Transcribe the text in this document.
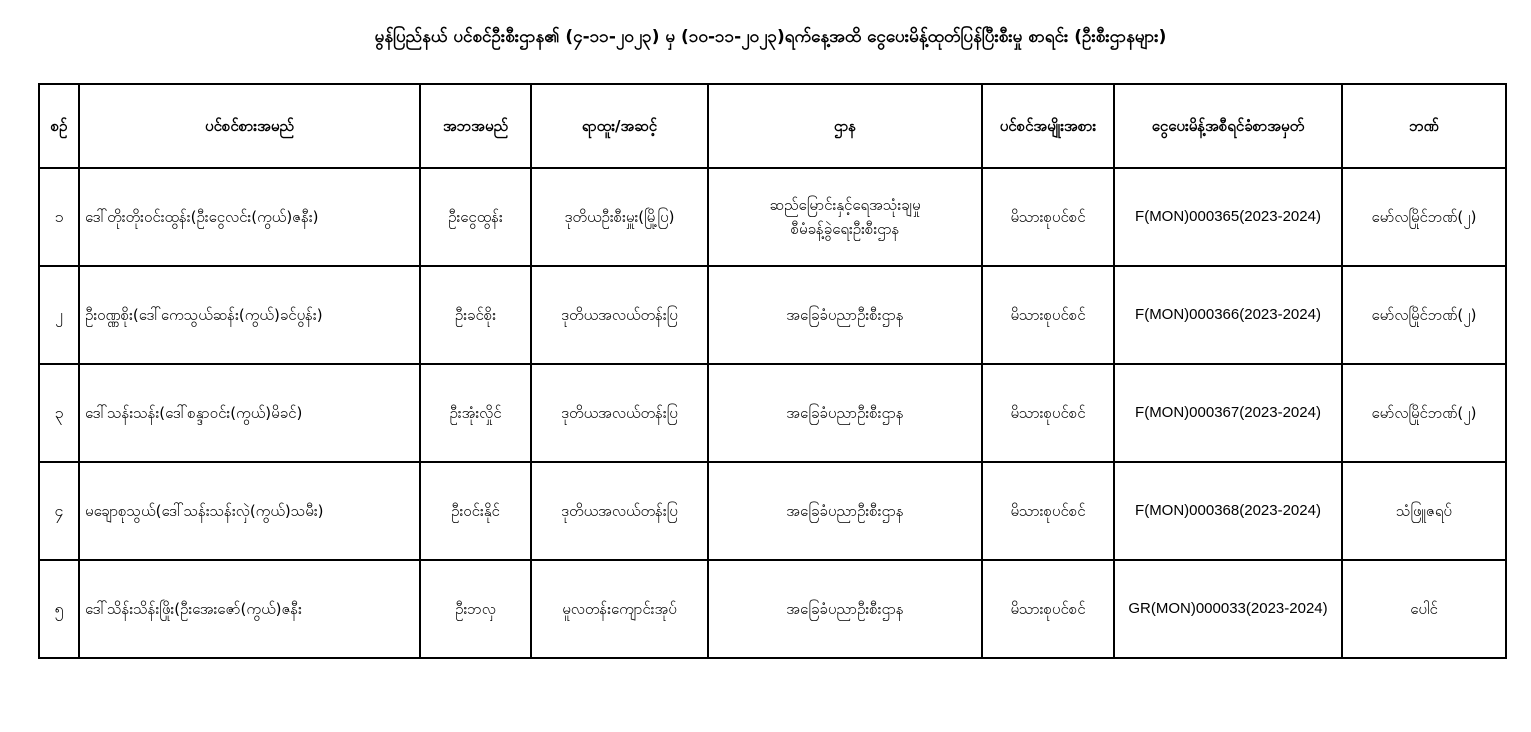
မွန်ပြည်နယ် ပင်စင်ဦးစီးဌာန၏ (၄-၁၁-၂၀၂၃) မှ (၁၀-၁၁-၂၀၂၃)ရက်နေ့အထိ ငွေပေးမိန့်ထုတ်ပြန်ပြီးစီးမှု စာရင်း (ဦးစီးဌာနများ)
စဉ်	ပင်စင်စားအမည်	အဘအမည်	ရာထူး/အဆင့်	ဌာန	ပင်စင်အမျိုးအစား	ငွေပေးမိန့်အစီရင်ခံစာအမှတ်	ဘဏ်
၁	ဒေါ်တိုးတိုးဝင်းထွန်း(ဦးငွေလင်း(ကွယ်)ဇနီး)	ဦးငွေထွန်း	ဒုတိယဦးစီးမှူး(မြို့ပြ)	ဆည်မြောင်းနှင့်ရေအသုံးချမှု
စီမံခန့်ခွဲရေးဦးစီးဌာန	မိသားစုပင်စင်	F(MON)000365(2023-2024)	မော်လမြိုင်ဘဏ်(၂)
၂	ဦးဝဏ္ဏစိုး(ဒေါ်ကေသွယ်ဆန်း(ကွယ်)ခင်ပွန်း)	ဦးခင်စိုး	ဒုတိယအလယ်တန်းပြ	အခြေခံပညာဦးစီးဌာန	မိသားစုပင်စင်	F(MON)000366(2023-2024)	မော်လမြိုင်ဘဏ်(၂)
၃	ဒေါ်သန်းသန်း(ဒေါ်စန္ဒာဝင်း(ကွယ်)မိခင်)	ဦးအုံးလှိုင်	ဒုတိယအလယ်တန်းပြ	အခြေခံပညာဦးစီးဌာန	မိသားစုပင်စင်	F(MON)000367(2023-2024)	မော်လမြိုင်ဘဏ်(၂)
၄	မချောစုသွယ်(ဒေါ်သန်းသန်းလှဲ(ကွယ်)သမီး)	ဦးဝင်းနိုင်	ဒုတိယအလယ်တန်းပြ	အခြေခံပညာဦးစီးဌာန	မိသားစုပင်စင်	F(MON)000368(2023-2024)	သံဖြူဇရပ်
၅	ဒေါ်သိန်းသိန်းဖြိုး(ဦးအေးဇော်(ကွယ်)ဇနီး	ဦးဘလှ	မူလတန်းကျောင်းအုပ်	အခြေခံပညာဦးစီးဌာန	မိသားစုပင်စင်	GR(MON)000033(2023-2024)	ပေါင်
